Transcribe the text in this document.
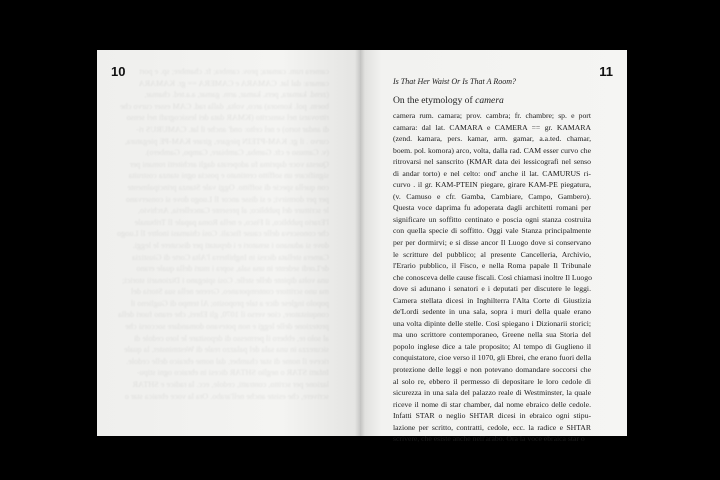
10	camera rum. camara; prov. cambra; fr. chambre; sp. e port
camara: dal lat. CAMARA e CAMERA == gr. KAMARA
(zend. kamara, pers. kamar, arm. gamar, a.a.ted. chamar,
boem. pol. komora) arco, volta, dalla rad. CAM esser curvo che
ritrovarsi nel sanscrito (KMAR data dei lessicografi nel senso
di andar torto) e nel celto: ond' anche il lat. CAMURUS ri-
curvo . il gr. KAM-PTEIN piegare, girare KAM-PE piegatura,
(v. Camuso e cfr. Gamba, Cambiare, Campo, Gambero).
Questa voce daprima fu adoperata dagli architetti romani per
significare un soffitto centinato e poscia ogni stanza costruita
con quella specie di soffitto. Oggi vale Stanza principalmente
per per dormirvi; e si disse ancor Il Luogo dove si conservano
le scritture del pubblico; al presente Cancelleria, Archivio,
l'Erario pubblico, il Fisco, e nella Roma papale Il Tribunale
che conosceva delle cause fiscali. Così chiamasi inoltre Il Luogo
dove si adunano i senatori e i deputati per discutere le leggi.
Camera stellata dicesi in Inghilterra l'Alta Corte di Giustizia
de'Lordi sedente in una sala, sopra i muri della quale erano
una volta dipinte delle stelle. Così spiegano i Dizionarii storici;
ma uno scrittore contemporaneo, Greene nella sua Storia del
popolo inglese dice a tale proposito; Al tempo di Guglieno il
conquistatore, cioe verso il 1070, gli Ebrei, che erano fuori della
protezione delle leggi e non potevano domandare soccorsi che
al solo re, ebbero il permesso di depositare le loro cedole di
sicurezza in una sala del palazzo reale di Westminster, la quale
riceve il nome di star chamber, dal nome ebraico delle cedole.
Infatti STAR o neglio SHTAR dicesi in ebraico ogni stipu-
lazione per scritto, contratti, cedole, ecc. la radice e SHTAR
scrivere, che esiste anche nell'arabo. Ora la voce ebraica star o
11
Is That Her Waist Or Is That A Room?
On the etymology of camera
camera rum. camara; prov. cambra; fr. chambre; sp. e port
camara: dal lat. CAMARA e CAMERA == gr. KAMARA
(zend. kamara, pers. kamar, arm. gamar, a.a.ted. chamar,
boem. pol. komora) arco, volta, dalla rad. CAM esser curvo che
ritrovarsi nel sanscrito (KMAR data dei lessicografi nel senso
di andar torto) e nel celto: ond' anche il lat. CAMURUS ri-
curvo . il gr. KAM-PTEIN piegare, girare KAM-PE piegatura,
(v. Camuso e cfr. Gamba, Cambiare, Campo, Gambero).
Questa voce daprima fu adoperata dagli architetti romani per
significare un soffitto centinato e poscia ogni stanza costruita
con quella specie di soffitto. Oggi vale Stanza principalmente
per per dormirvi; e si disse ancor Il Luogo dove si conservano
le scritture del pubblico; al presente Cancelleria, Archivio,
l'Erario pubblico, il Fisco, e nella Roma papale Il Tribunale
che conosceva delle cause fiscali. Così chiamasi inoltre Il Luogo
dove si adunano i senatori e i deputati per discutere le leggi.
Camera stellata dicesi in Inghilterra l'Alta Corte di Giustizia
de'Lordi sedente in una sala, sopra i muri della quale erano
una volta dipinte delle stelle. Così spiegano i Dizionarii storici;
ma uno scrittore contemporaneo, Greene nella sua Storia del
popolo inglese dice a tale proposito; Al tempo di Guglieno il
conquistatore, cioe verso il 1070, gli Ebrei, che erano fuori della
protezione delle leggi e non potevano domandare soccorsi che
al solo re, ebbero il permesso di depositare le loro cedole di
sicurezza in una sala del palazzo reale di Westminster, la quale
riceve il nome di star chamber, dal nome ebraico delle cedole.
Infatti STAR o neglio SHTAR dicesi in ebraico ogni stipu-
lazione per scritto, contratti, cedole, ecc. la radice e SHTAR
scrivere, che esiste anche nell'arabo. Ora la voce ebraica star o
